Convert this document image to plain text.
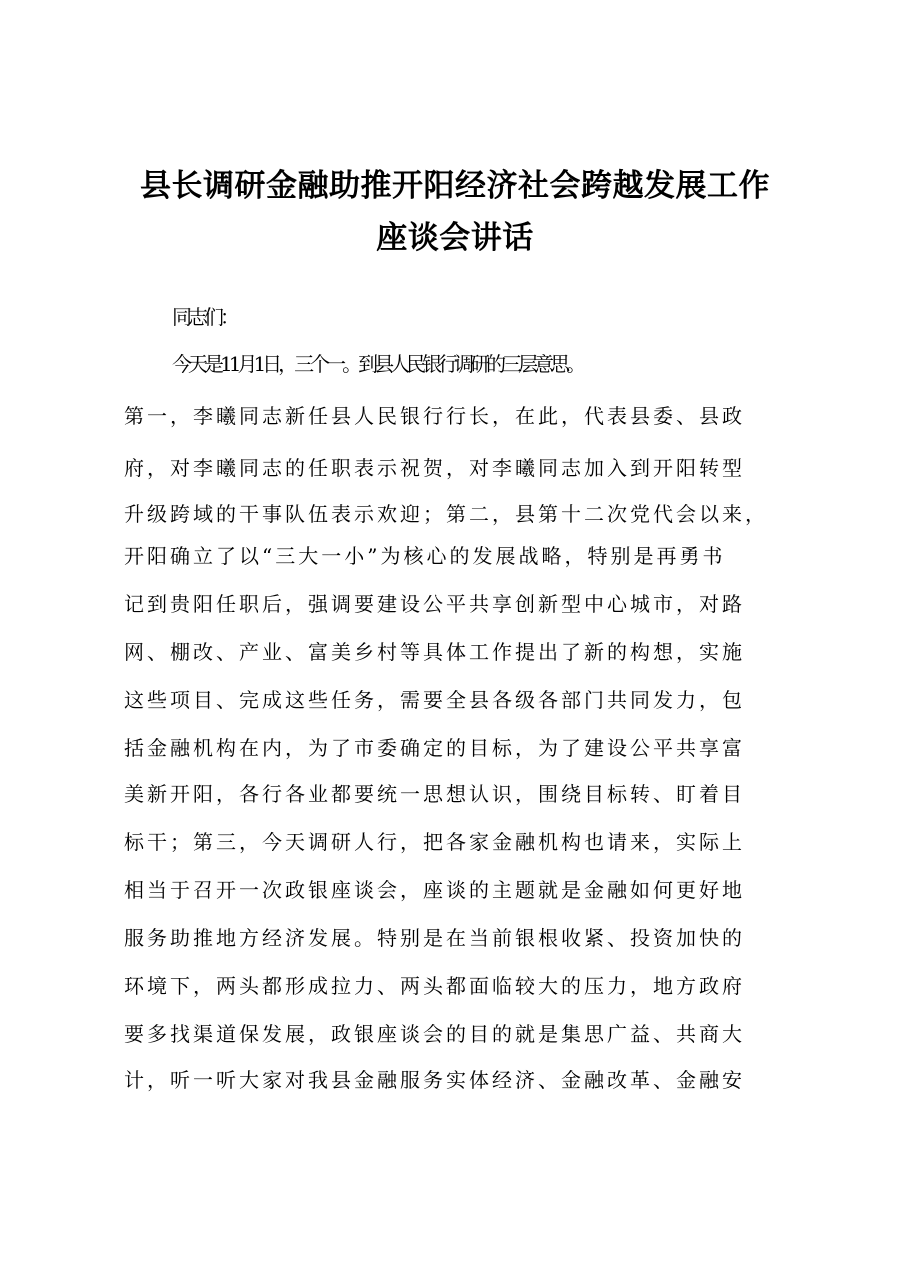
县长调研金融助推开阳经济社会跨越发展工作
座谈会讲话

同志们：

今天是11月1日，三个一。到县人民银行调研的三层意思。

第一，李曦同志新任县人民银行行长，在此，代表县委、县政

府，对李曦同志的任职表示祝贺，对李曦同志加入到开阳转型

升级跨域的干事队伍表示欢迎；第二，县第十二次党代会以来，

开阳确立了以“三大一小”为核心的发展战略，特别是再勇书

记到贵阳任职后，强调要建设公平共享创新型中心城市，对路

网、棚改、产业、富美乡村等具体工作提出了新的构想，实施

这些项目、完成这些任务，需要全县各级各部门共同发力，包

括金融机构在内，为了市委确定的目标，为了建设公平共享富

美新开阳，各行各业都要统一思想认识，围绕目标转、盯着目

标干；第三，今天调研人行，把各家金融机构也请来，实际上

相当于召开一次政银座谈会，座谈的主题就是金融如何更好地

服务助推地方经济发展。特别是在当前银根收紧、投资加快的

环境下，两头都形成拉力、两头都面临较大的压力，地方政府

要多找渠道保发展，政银座谈会的目的就是集思广益、共商大

计，听一听大家对我县金融服务实体经济、金融改革、金融安
